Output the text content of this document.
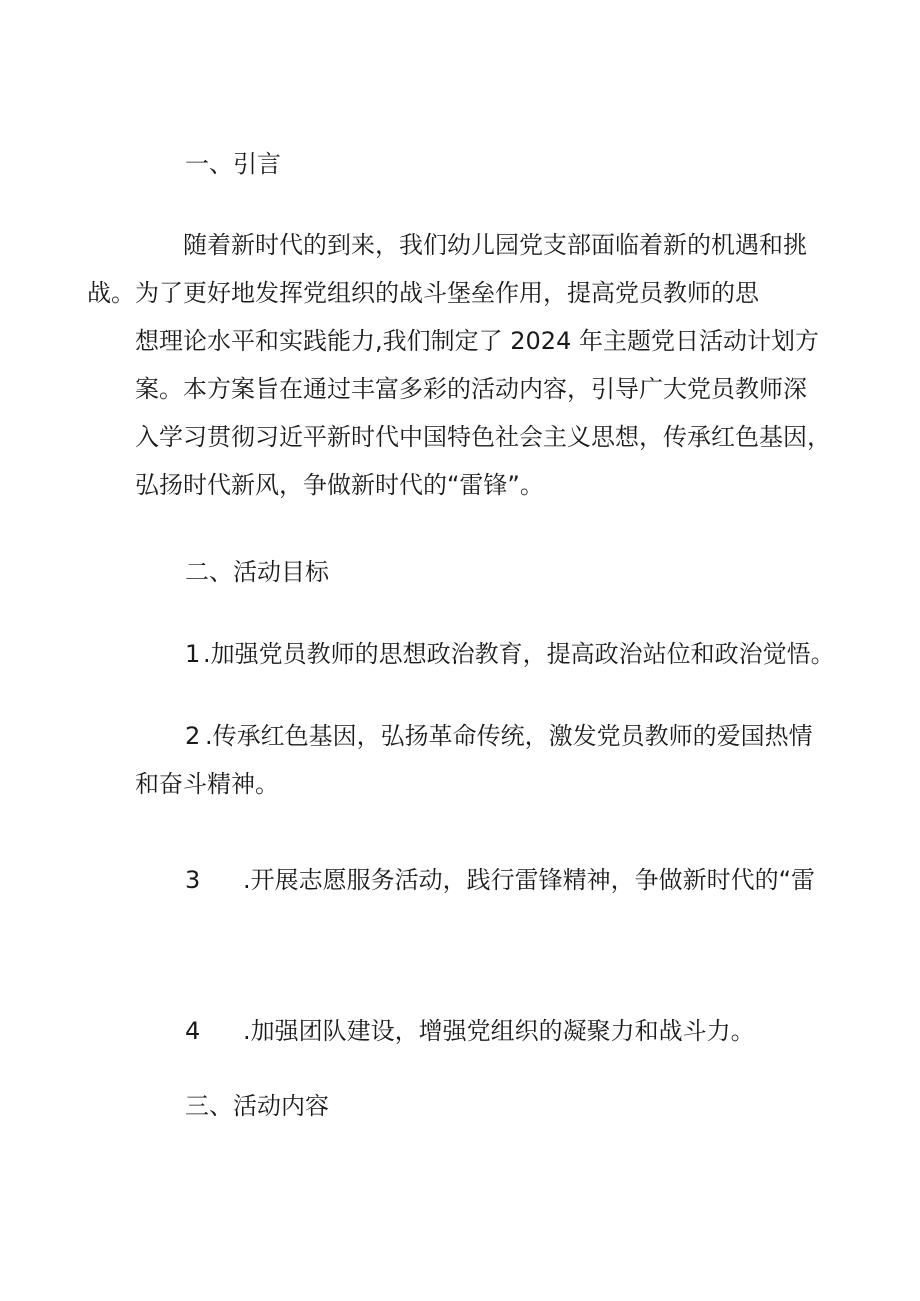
一、引言
随着新时代的到来，我们幼儿园党支部面临着新的机遇和挑
战。为了更好地发挥党组织的战斗堡垒作用，提高党员教师的思
想理论水平和实践能力,我们制定了 2024 年主题党日活动计划方
案。本方案旨在通过丰富多彩的活动内容，引导广大党员教师深
入学习贯彻习近平新时代中国特色社会主义思想，传承红色基因，
弘扬时代新风，争做新时代的“雷锋”。
二、活动目标
1 .加强党员教师的思想政治教育，提高政治站位和政治觉悟。
2 .传承红色基因，弘扬革命传统，激发党员教师的爱国热情
和奋斗精神。
3 .开展志愿服务活动，践行雷锋精神，争做新时代的“雷
4 .加强团队建设，增强党组织的凝聚力和战斗力。
三、活动内容
